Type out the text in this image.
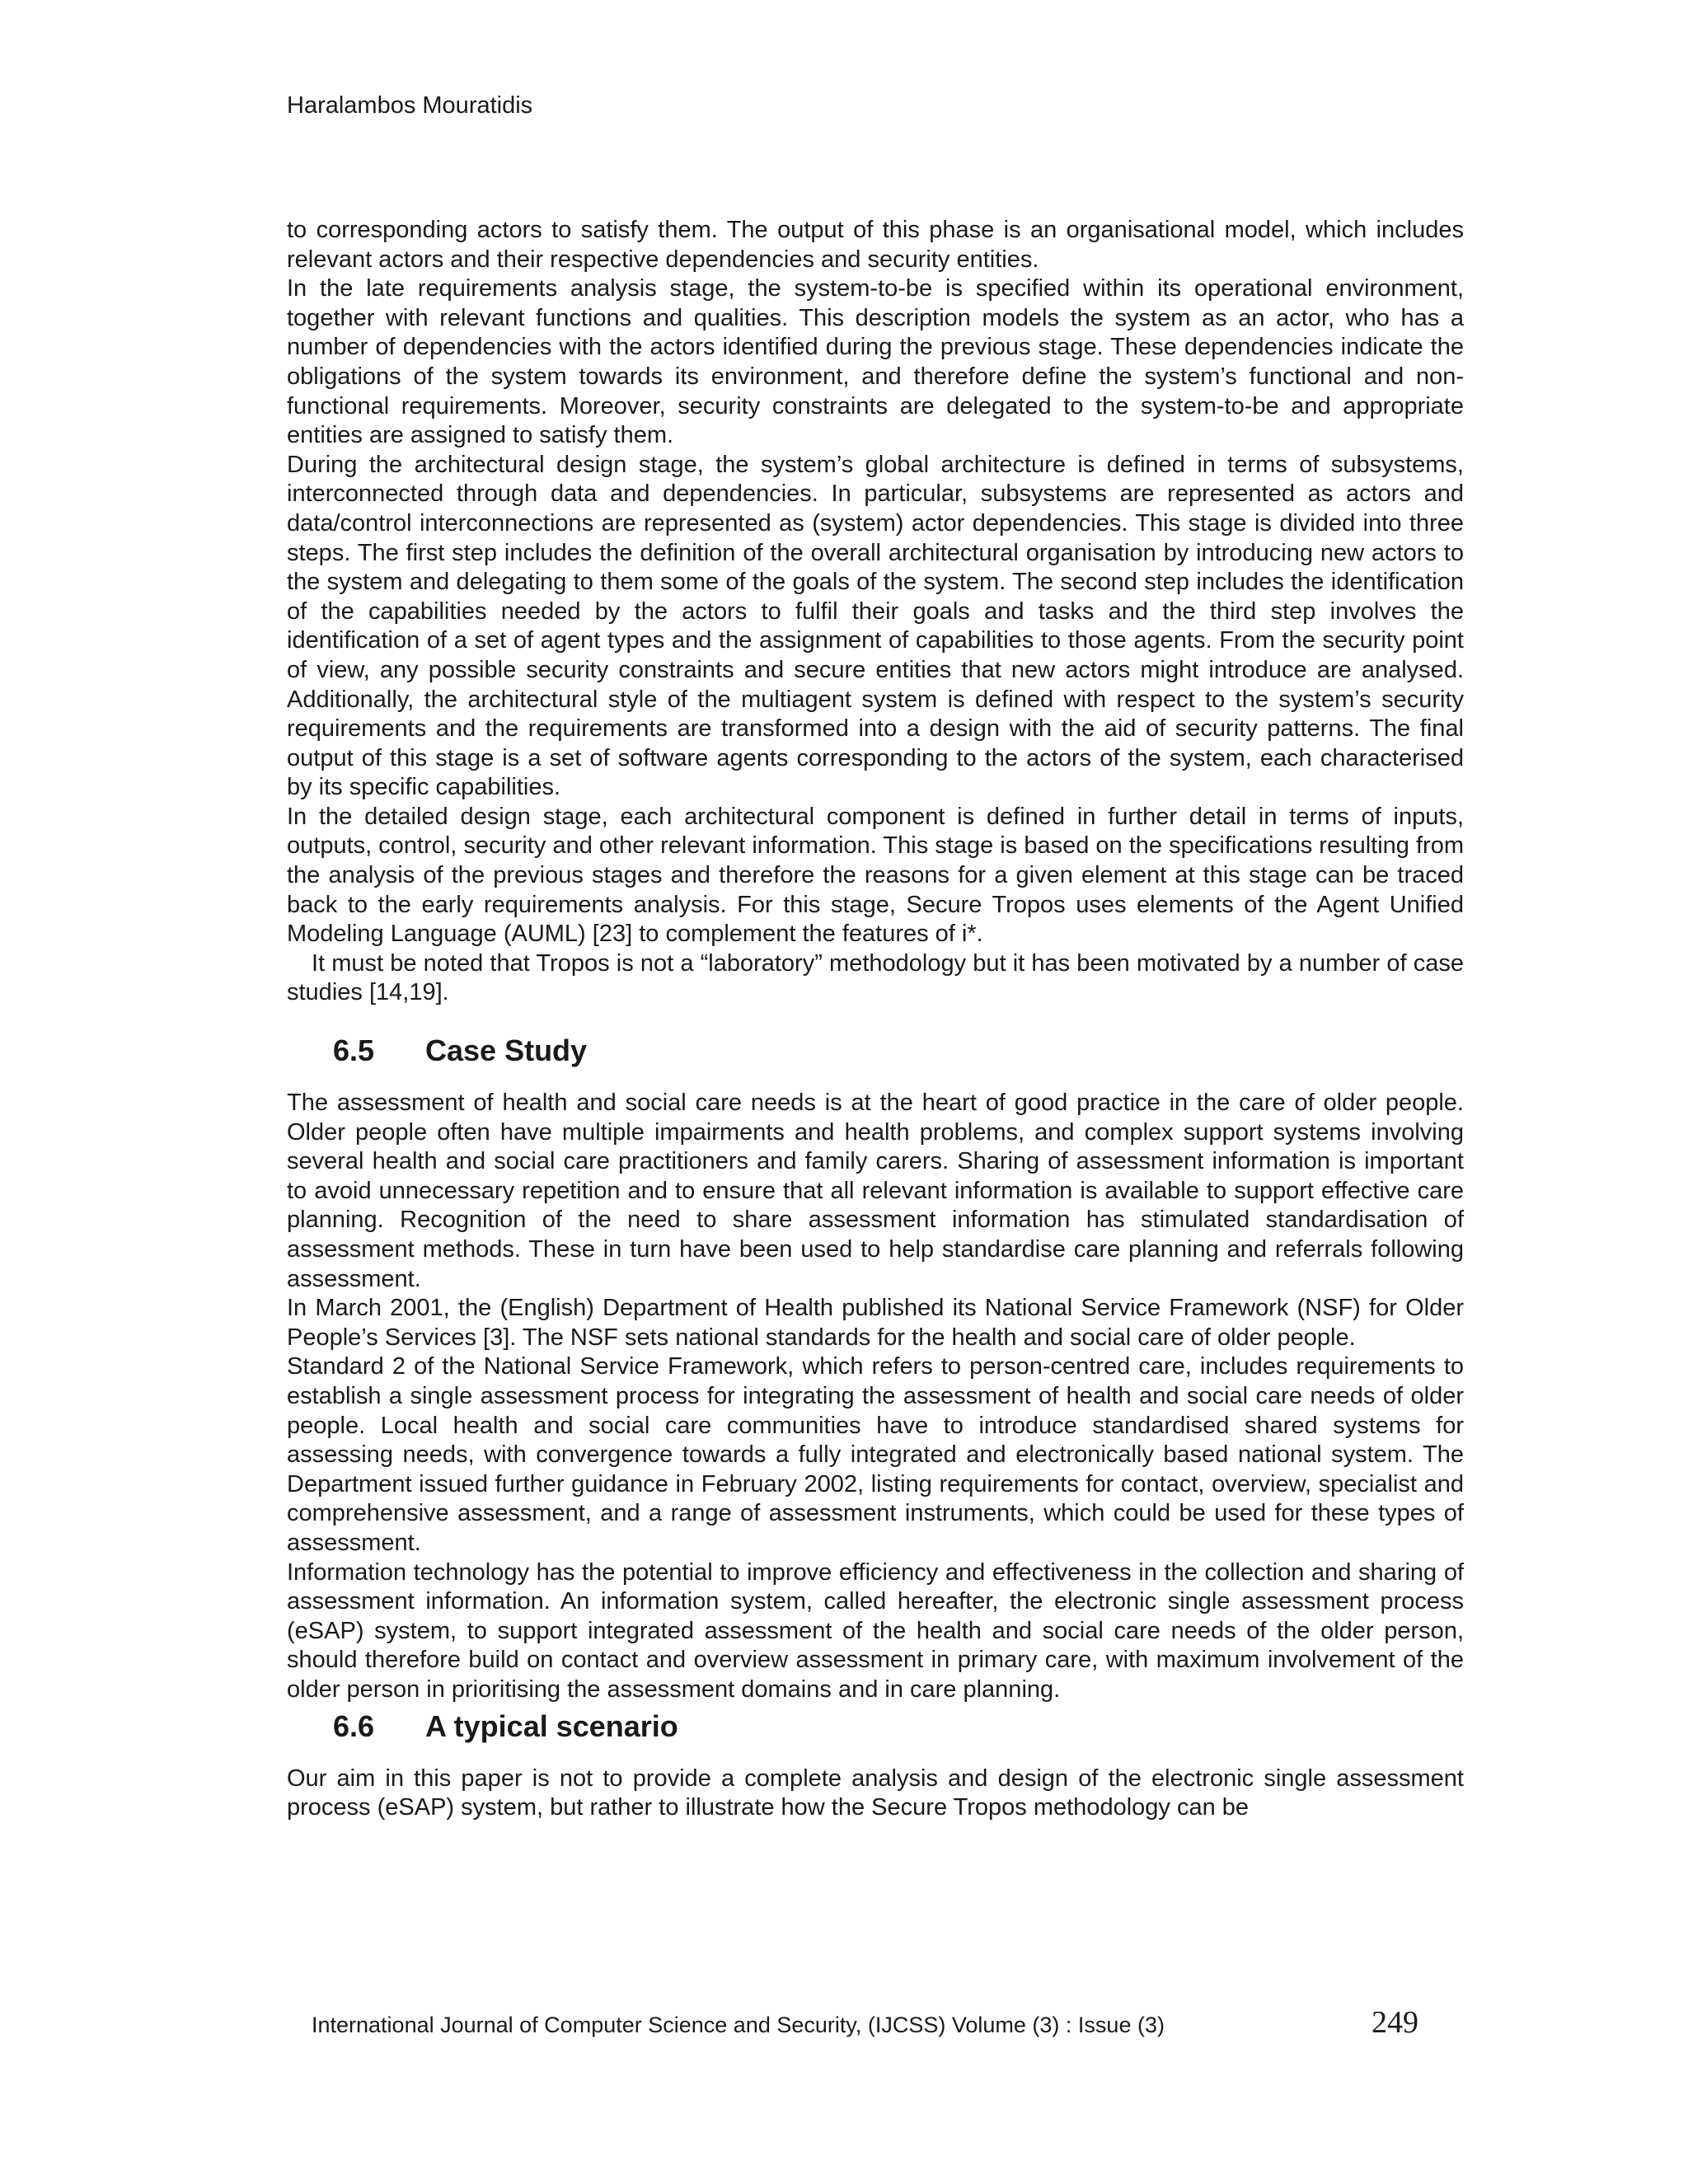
Haralambos Mouratidis

to corresponding actors to satisfy them. The output of this phase is an organisational model, which includes relevant actors and their respective dependencies and security entities.

In the late requirements analysis stage, the system-to-be is specified within its operational environment, together with relevant functions and qualities. This description models the system as an actor, who has a number of dependencies with the actors identified during the previous stage. These dependencies indicate the obligations of the system towards its environment, and therefore define the system’s functional and non-functional requirements. Moreover, security constraints are delegated to the system-to-be and appropriate entities are assigned to satisfy them.

During the architectural design stage, the system’s global architecture is defined in terms of subsystems, interconnected through data and dependencies. In particular, subsystems are represented as actors and data/control interconnections are represented as (system) actor dependencies. This stage is divided into three steps. The first step includes the definition of the overall architectural organisation by introducing new actors to the system and delegating to them some of the goals of the system. The second step includes the identification of the capabilities needed by the actors to fulfil their goals and tasks and the third step involves the identification of a set of agent types and the assignment of capabilities to those agents. From the security point of view, any possible security constraints and secure entities that new actors might introduce are analysed. Additionally, the architectural style of the multiagent system is defined with respect to the system’s security requirements and the requirements are transformed into a design with the aid of security patterns. The final output of this stage is a set of software agents corresponding to the actors of the system, each characterised by its specific capabilities.

In the detailed design stage, each architectural component is defined in further detail in terms of inputs, outputs, control, security and other relevant information. This stage is based on the specifications resulting from the analysis of the previous stages and therefore the reasons for a given element at this stage can be traced back to the early requirements analysis. For this stage, Secure Tropos uses elements of the Agent Unified Modeling Language (AUML) [23] to complement the features of i*.

It must be noted that Tropos is not a “laboratory” methodology but it has been motivated by a number of case studies [14,19].

6.5 Case Study

The assessment of health and social care needs is at the heart of good practice in the care of older people. Older people often have multiple impairments and health problems, and complex support systems involving several health and social care practitioners and family carers. Sharing of assessment information is important to avoid unnecessary repetition and to ensure that all relevant information is available to support effective care planning. Recognition of the need to share assessment information has stimulated standardisation of assessment methods. These in turn have been used to help standardise care planning and referrals following assessment.

In March 2001, the (English) Department of Health published its National Service Framework (NSF) for Older People’s Services [3]. The NSF sets national standards for the health and social care of older people.

Standard 2 of the National Service Framework, which refers to person-centred care, includes requirements to establish a single assessment process for integrating the assessment of health and social care needs of older people. Local health and social care communities have to introduce standardised shared systems for assessing needs, with convergence towards a fully integrated and electronically based national system. The Department issued further guidance in February 2002, listing requirements for contact, overview, specialist and comprehensive assessment, and a range of assessment instruments, which could be used for these types of assessment.

Information technology has the potential to improve efficiency and effectiveness in the collection and sharing of assessment information. An information system, called hereafter, the electronic single assessment process (eSAP) system, to support integrated assessment of the health and social care needs of the older person, should therefore build on contact and overview assessment in primary care, with maximum involvement of the older person in prioritising the assessment domains and in care planning.

6.6 A typical scenario

Our aim in this paper is not to provide a complete analysis and design of the electronic single assessment process (eSAP) system, but rather to illustrate how the Secure Tropos methodology can be

International Journal of Computer Science and Security, (IJCSS) Volume (3) : Issue (3)	249
